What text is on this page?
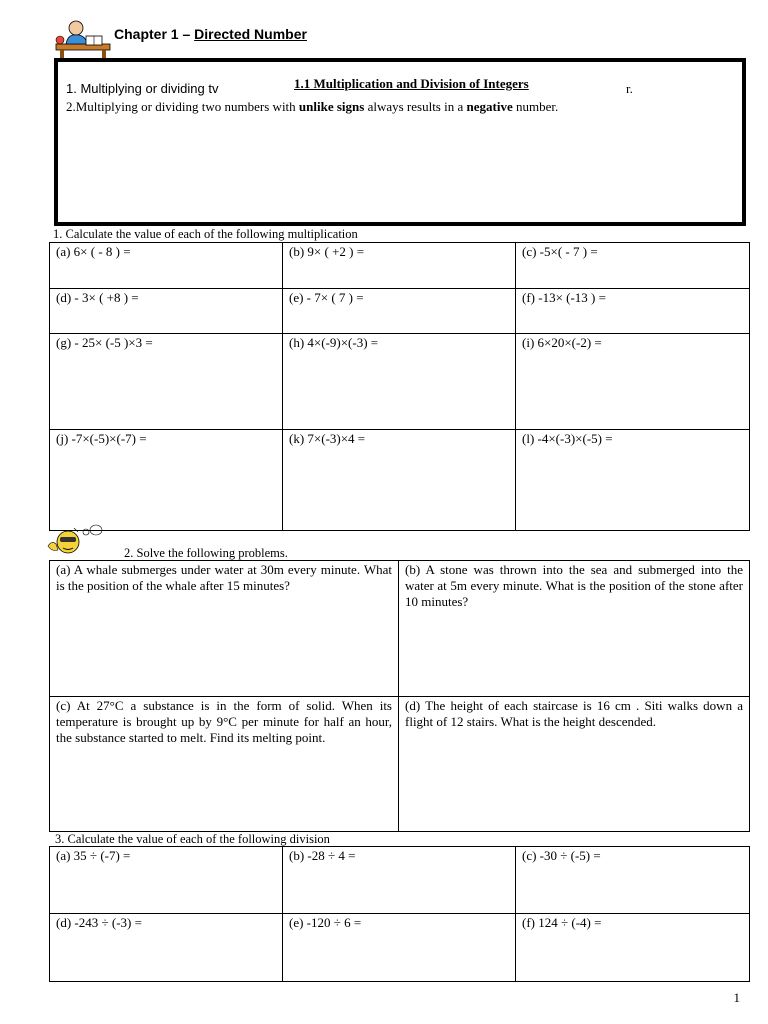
Chapter 1 – Directed Number
1. Multiplying or dividing tv	r.
1.1 Multiplication and Division of Integers
2.Multiplying or dividing two numbers with unlike signs always results in a negative number.
1. Calculate the value of each of the following multiplication
(a) 6× ( - 8 ) =	(b) 9× ( +2 ) =	(c) -5×( - 7 ) =
(d) - 3× ( +8 ) =	(e) - 7× ( 7 ) =	(f) -13× (-13 ) =
(g) - 25× (-5 )×3 =	(h) 4×(-9)×(-3) =	(i) 6×20×(-2) =
(j) -7×(-5)×(-7) =	(k) 7×(-3)×4 =	(l) -4×(-3)×(-5) =
2. Solve the following problems.
(a) A whale submerges under water at 30m every minute. What is the position of the whale after 15 minutes?	(b) A stone was thrown into the sea and submerged into the water at 5m every minute. What is the position of the stone after 10 minutes?
(c) At 27°C a substance is in the form of solid. When its temperature is brought up by 9°C per minute for half an hour, the substance started to melt. Find its melting point.	(d) The height of each staircase is 16 cm . Siti walks down a flight of 12 stairs. What is the height descended.
3. Calculate the value of each of the following division
(a) 35 ÷ (-7) =	(b) -28 ÷ 4 =	(c) -30 ÷ (-5) =
(d) -243 ÷ (-3) =	(e) -120 ÷ 6 =	(f) 124 ÷ (-4) =
1
